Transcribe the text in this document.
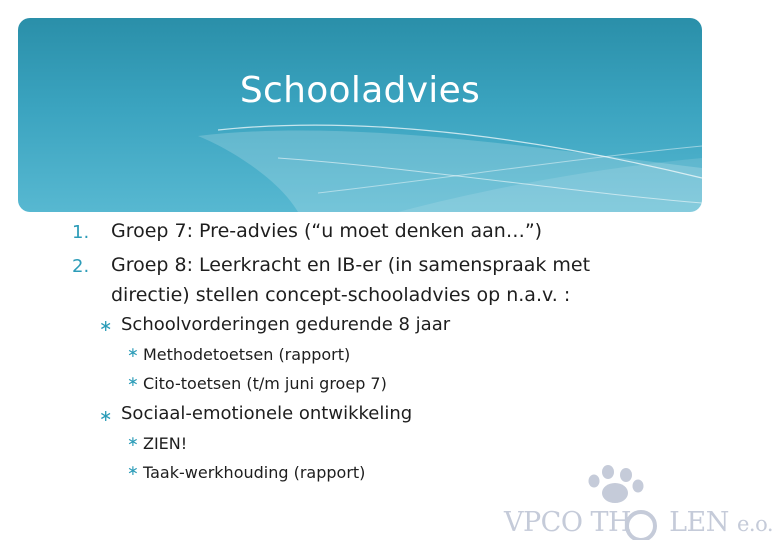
Schooladvies
1. Groep 7: Pre-advies (“u moet denken aan…”)
2. Groep 8: Leerkracht en IB-er (in samenspraak met
directie) stellen concept-schooladvies op n.a.v. :
∗ Schoolvorderingen gedurende 8 jaar
∗ Methodetoetsen (rapport)
∗ Cito-toetsen (t/m juni groep 7)
∗ Sociaal-emotionele ontwikkeling
∗ ZIEN!
∗ Taak-werkhouding (rapport)
VPCO TH LEN e.o.
